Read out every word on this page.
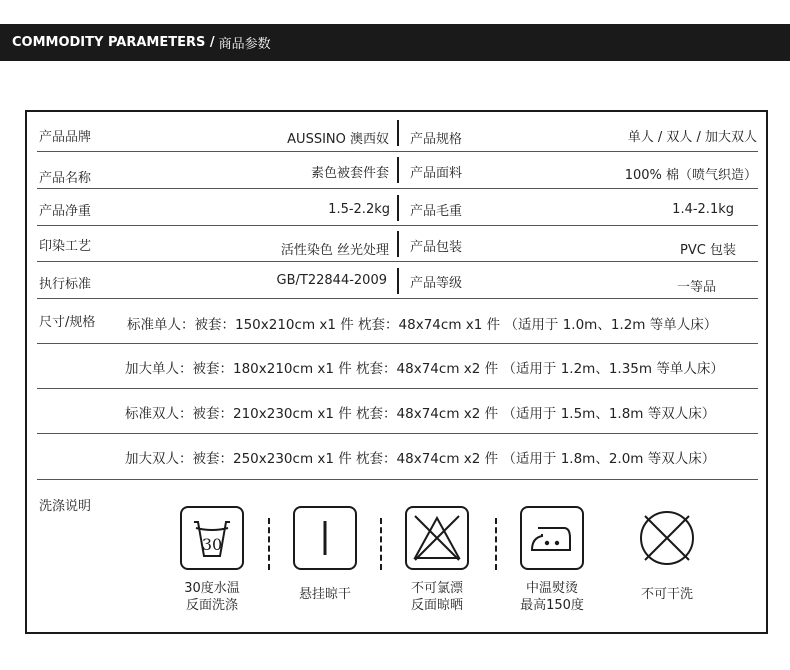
COMMODITY PARAMETERS / 商品参数
产品品牌	AUSSINO 澳西奴 产品规格	单人 / 双人 / 加大双人
产品名称	素色被套件套 产品面料	100% 棉（喷气织造）
产品净重	1.5-2.2kg 产品毛重	1.4-2.1kg
印染工艺	活性染色 丝光处理 产品包装	PVC 包装
执行标准	GB/T22844-2009 产品等级	一等品
尺寸/规格 标准单人：被套：150x210cm x1 件 枕套：48x74cm x1 件 （适用于 1.0m、1.2m 等单人床）
加大单人：被套：180x210cm x1 件 枕套：48x74cm x2 件 （适用于 1.2m、1.35m 等单人床）
标准双人：被套：210x230cm x1 件 枕套：48x74cm x2 件 （适用于 1.5m、1.8m 等双人床）
加大双人：被套：250x230cm x1 件 枕套：48x74cm x2 件 （适用于 1.8m、2.0m 等双人床）
洗涤说明
30
30度水温
反面洗涤
悬挂晾干	不可氯漂
反面晾晒
中温熨烫
最高150度
不可干洗
